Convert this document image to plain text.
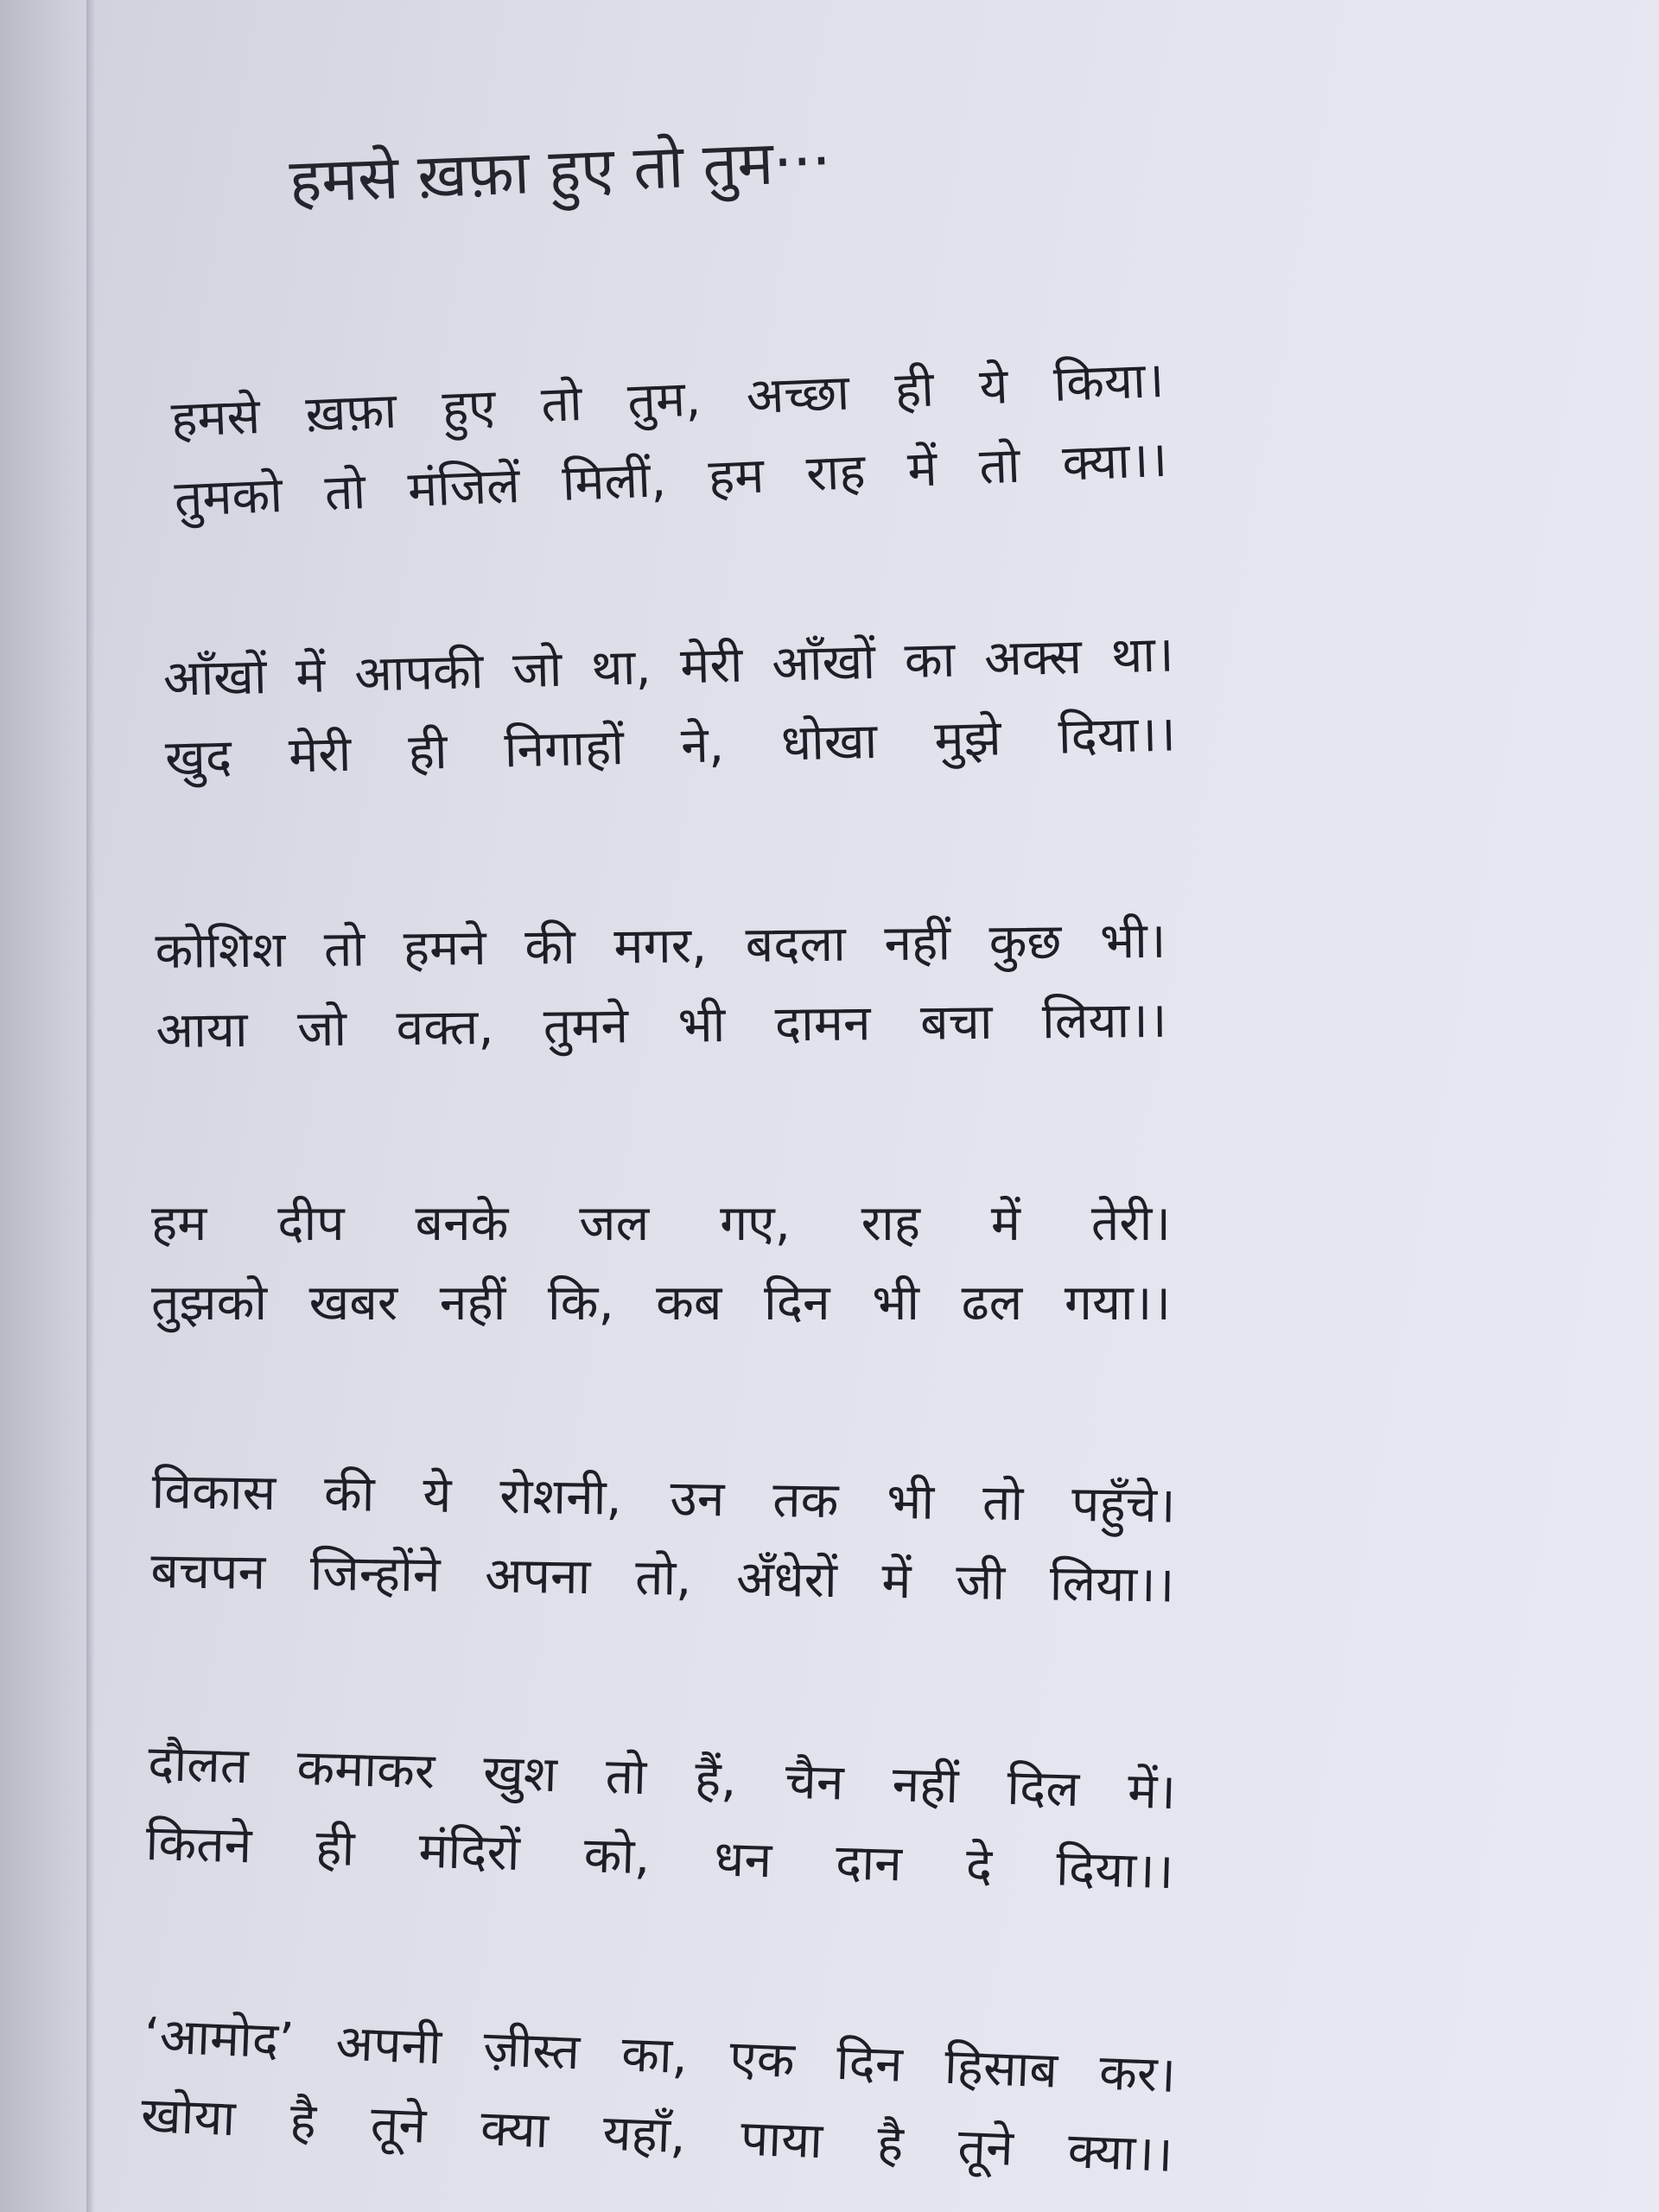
हमसे ख़फ़ा हुए तो तुम···
हमसे ख़फ़ा हुए तो तुम, अच्छा ही ये किया।
तुमको तो मंजिलें मिलीं, हम राह में तो क्या।।
आँखों में आपकी जो था, मेरी आँखों का अक्स था।
खुद मेरी ही निगाहों ने, धोखा मुझे दिया।।
कोशिश तो हमने की मगर, बदला नहीं कुछ भी।
आया जो वक्त, तुमने भी दामन बचा लिया।।
हम दीप बनके जल गए, राह में तेरी।
तुझको खबर नहीं कि, कब दिन भी ढल गया।।
विकास की ये रोशनी, उन तक भी तो पहुँचे।
बचपन जिन्होंने अपना तो, अँधेरों में जी लिया।।
दौलत कमाकर खुश तो हैं, चैन नहीं दिल में।
कितने ही मंदिरों को, धन दान दे दिया।।
‘आमोद’ अपनी ज़ीस्त का, एक दिन हिसाब कर।
खोया है तूने क्या यहाँ, पाया है तूने क्या।।
